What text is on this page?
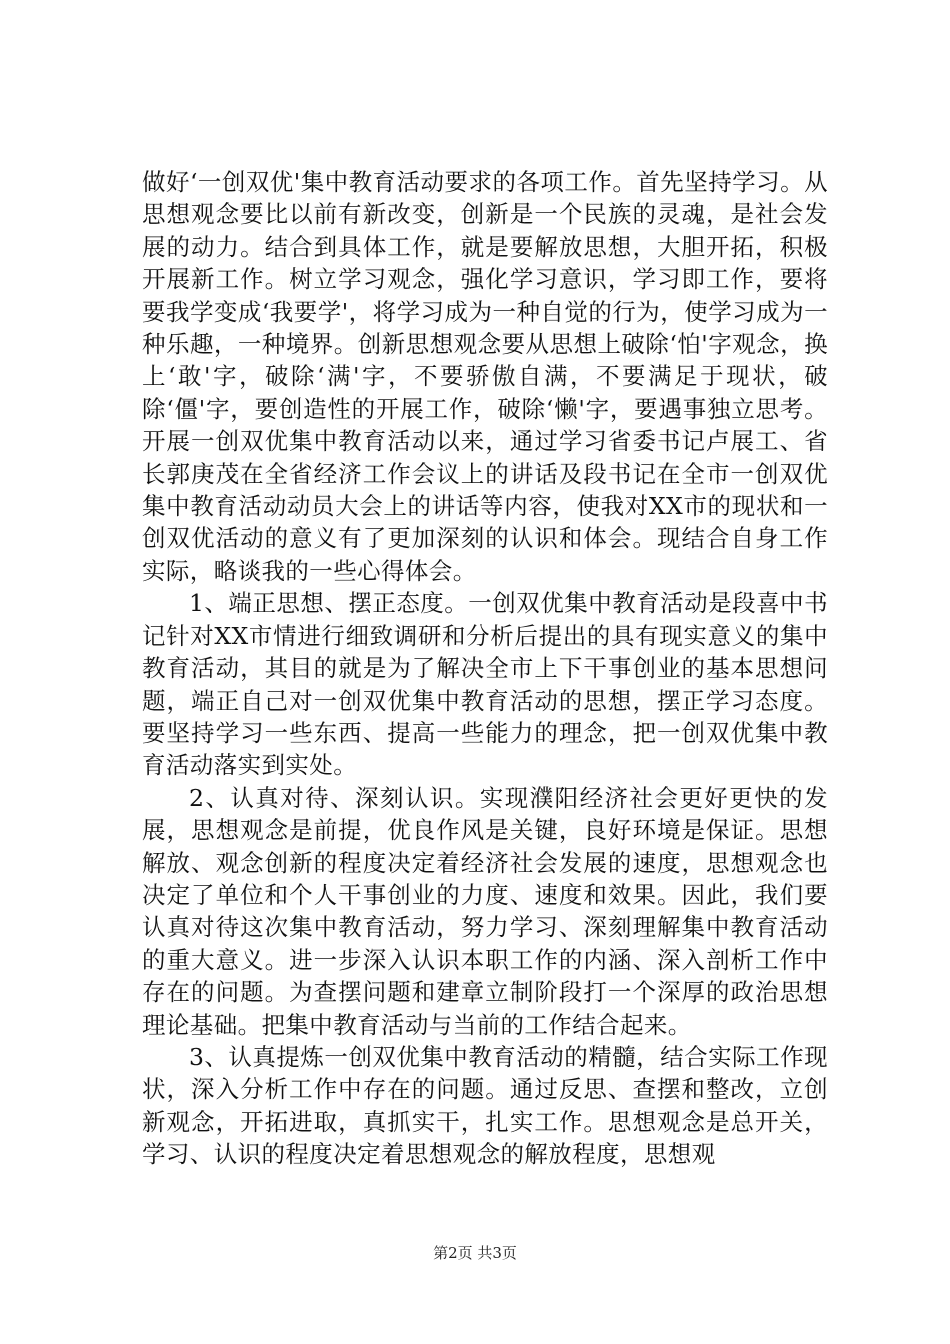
做好‘一创双优'集中教育活动要求的各项工作。首先坚持学习。从思想观念要比以前有新改变，创新是一个民族的灵魂，是社会发展的动力。结合到具体工作，就是要解放思想，大胆开拓，积极开展新工作。树立学习观念，强化学习意识，学习即工作，要将要我学变成‘我要学'，将学习成为一种自觉的行为，使学习成为一种乐趣，一种境界。创新思想观念要从思想上破除‘怕'字观念，换上‘敢'字，破除‘满'字，不要骄傲自满，不要满足于现状，破除‘僵'字，要创造性的开展工作，破除‘懒'字，要遇事独立思考。开展一创双优集中教育活动以来，通过学习省委书记卢展工、省长郭庚茂在全省经济工作会议上的讲话及段书记在全市一创双优集中教育活动动员大会上的讲话等内容，使我对XX市的现状和一创双优活动的意义有了更加深刻的认识和体会。现结合自身工作实际，略谈我的一些心得体会。

1、端正思想、摆正态度。一创双优集中教育活动是段喜中书记针对XX市情进行细致调研和分析后提出的具有现实意义的集中教育活动，其目的就是为了解决全市上下干事创业的基本思想问题，端正自己对一创双优集中教育活动的思想，摆正学习态度。要坚持学习一些东西、提高一些能力的理念，把一创双优集中教育活动落实到实处。

2、认真对待、深刻认识。实现濮阳经济社会更好更快的发展，思想观念是前提，优良作风是关键，良好环境是保证。思想解放、观念创新的程度决定着经济社会发展的速度，思想观念也决定了单位和个人干事创业的力度、速度和效果。因此，我们要认真对待这次集中教育活动，努力学习、深刻理解集中教育活动的重大意义。进一步深入认识本职工作的内涵、深入剖析工作中存在的问题。为查摆问题和建章立制阶段打一个深厚的政治思想理论基础。把集中教育活动与当前的工作结合起来。

3、认真提炼一创双优集中教育活动的精髓，结合实际工作现状，深入分析工作中存在的问题。通过反思、查摆和整改，立创新观念，开拓进取，真抓实干，扎实工作。思想观念是总开关，学习、认识的程度决定着思想观念的解放程度，思想观

第2页 共3页
